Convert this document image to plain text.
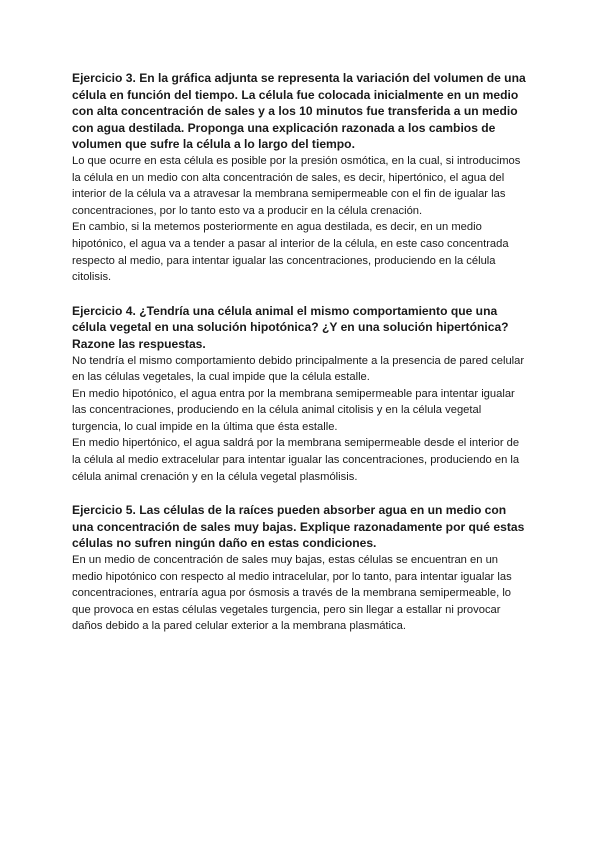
Ejercicio 3. En la gráfica adjunta se representa la variación del volumen de una célula en función del tiempo. La célula fue colocada inicialmente en un medio con alta concentración de sales y a los 10 minutos fue transferida a un medio con agua destilada. Proponga una explicación razonada a los cambios de volumen que sufre la célula a lo largo del tiempo.

Lo que ocurre en esta célula es posible por la presión osmótica, en la cual, si introducimos la célula en un medio con alta concentración de sales, es decir, hipertónico, el agua del interior de la célula va a atravesar la membrana semipermeable con el fin de igualar las concentraciones, por lo tanto esto va a producir en la célula crenación.

En cambio, si la metemos posteriormente en agua destilada, es decir, en un medio hipotónico, el agua va a tender a pasar al interior de la célula, en este caso concentrada respecto al medio, para intentar igualar las concentraciones, produciendo en la célula citolisis.

Ejercicio 4. ¿Tendría una célula animal el mismo comportamiento que una célula vegetal en una solución hipotónica? ¿Y en una solución hipertónica? Razone las respuestas.

No tendría el mismo comportamiento debido principalmente a la presencia de pared celular en las células vegetales, la cual impide que la célula estalle.

En medio hipotónico, el agua entra por la membrana semipermeable para intentar igualar las concentraciones, produciendo en la célula animal citolisis y en la célula vegetal turgencia, lo cual impide en la última que ésta estalle.

En medio hipertónico, el agua saldrá por la membrana semipermeable desde el interior de la célula al medio extracelular para intentar igualar las concentraciones, produciendo en la célula animal crenación y en la célula vegetal plasmólisis.

Ejercicio 5. Las células de la raíces pueden absorber agua en un medio con una concentración de sales muy bajas. Explique razonadamente por qué estas células no sufren ningún daño en estas condiciones.

En un medio de concentración de sales muy bajas, estas células se encuentran en un medio hipotónico con respecto al medio intracelular, por lo tanto, para intentar igualar las concentraciones, entraría agua por ósmosis a través de la membrana semipermeable, lo que provoca en estas células vegetales turgencia, pero sin llegar a estallar ni provocar daños debido a la pared celular exterior a la membrana plasmática.
